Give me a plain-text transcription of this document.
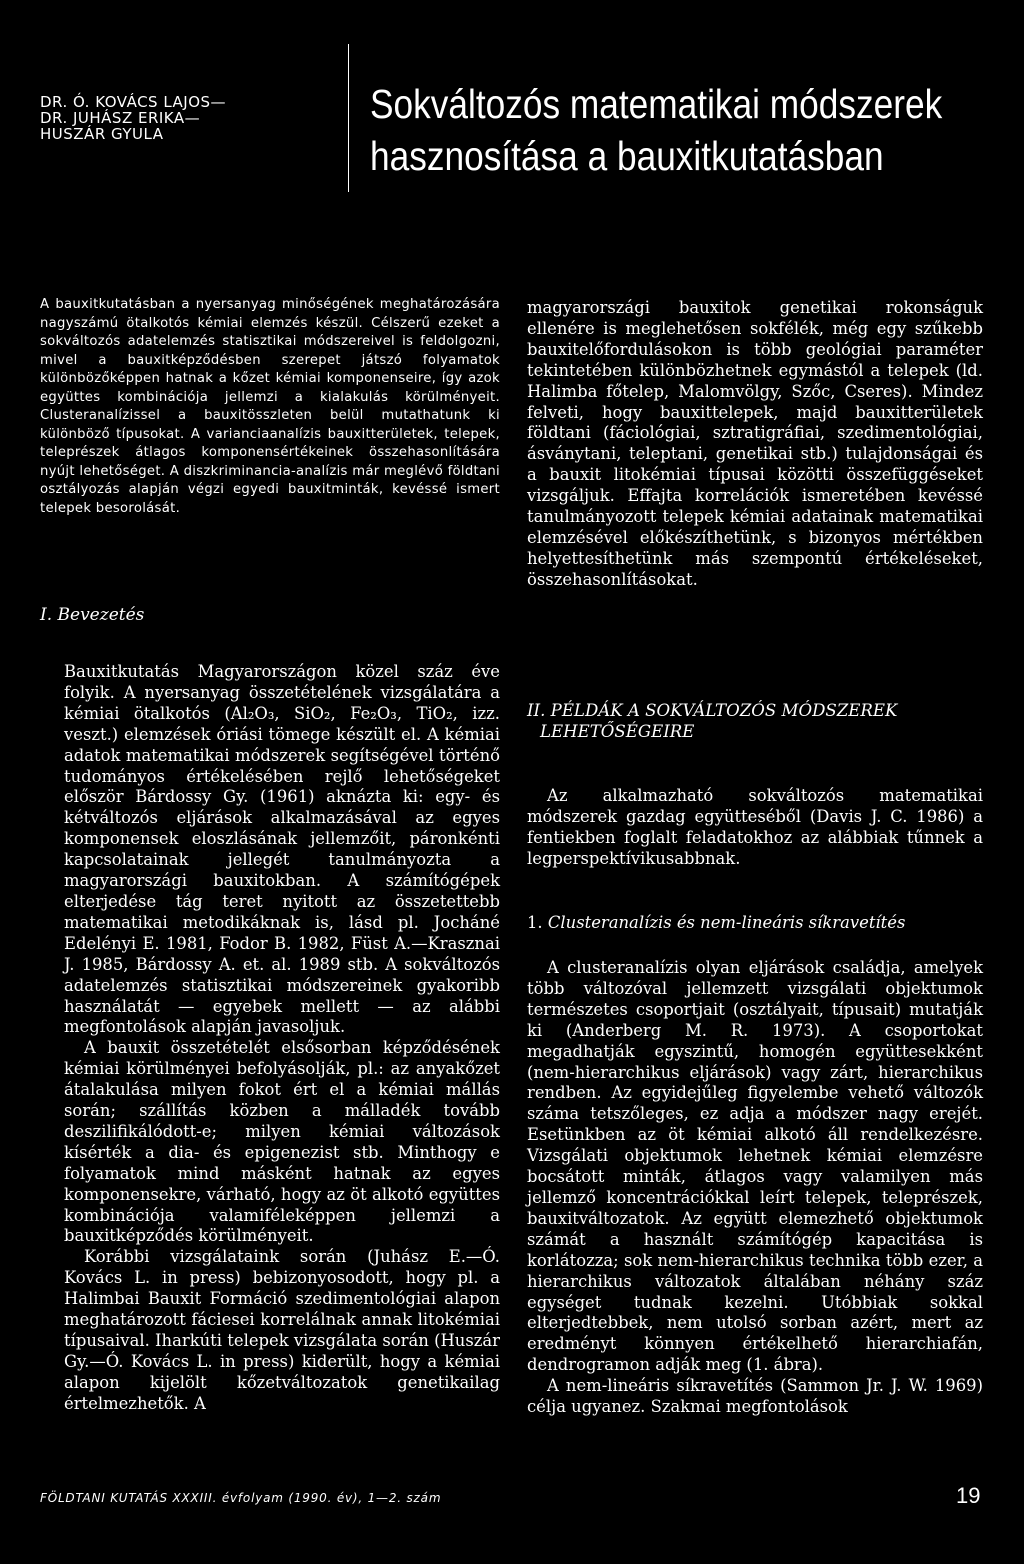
DR. Ó. KOVÁCS LAJOS—
DR. JUHÁSZ ERIKA—
HUSZÁR GYULA
Sokváltozós matematikai módszerek
hasznosítása a bauxitkutatásban
A bauxitkutatásban a nyersanyag minőségének meghatározására nagyszámú ötalkotós kémiai elemzés készül. Célszerű ezeket a sokváltozós adatelemzés statisztikai módszereivel is feldolgozni, mivel a bauxitképződésben szerepet játszó folyamatok különbözőképpen hatnak a kőzet kémiai komponenseire, így azok együttes kombinációja jellemzi a kialakulás körülményeit. Clusteranalízissel a bauxitösszleten belül mutathatunk ki különböző típusokat. A varianciaanalízis bauxitterületek, telepek, teleprészek átlagos komponensértékeinek összehasonlítására nyújt lehetőséget. A diszkriminancia-analízis már meglévő földtani osztályozás alapján végzi egyedi bauxitminták, kevéssé ismert telepek besorolását.
I. Bevezetés

Bauxitkutatás Magyarországon közel száz éve folyik. A nyersanyag összetételének vizsgálatára a kémiai ötalkotós (Al₂O₃, SiO₂, Fe₂O₃, TiO₂, izz. veszt.) elemzések óriási tömege készült el. A kémiai adatok matematikai módszerek segítségével történő tudományos értékelésében rejlő lehetőségeket először Bárdossy Gy. (1961) aknázta ki: egy- és kétváltozós eljárások alkalmazásával az egyes komponensek eloszlásának jellemzőit, páronkénti kapcsolatainak jellegét tanulmányozta a magyarországi bauxitokban. A számítógépek elterjedése tág teret nyitott az összetettebb matematikai metodikáknak is, lásd pl. Jocháné Edelényi E. 1981, Fodor B. 1982, Füst A.—Krasznai J. 1985, Bárdossy A. et. al. 1989 stb. A sokváltozós adatelemzés statisztikai módszereinek gyakoribb használatát — egyebek mellett — az alábbi megfontolások alapján javasoljuk.

A bauxit összetételét elsősorban képződésének kémiai körülményei befolyásolják, pl.: az anyakőzet átalakulása milyen fokot ért el a kémiai mállás során; szállítás közben a málladék tovább deszilifikálódott-e; milyen kémiai változások kísérték a dia- és epigenezist stb. Minthogy e folyamatok mind másként hatnak az egyes komponensekre, várható, hogy az öt alkotó együttes kombinációja valamiféleképpen jellemzi a bauxitképződés körülményeit.

Korábbi vizsgálataink során (Juhász E.—Ó. Kovács L. in press) bebizonyosodott, hogy pl. a Halimbai Bauxit Formáció szedimentológiai alapon meghatározott fáciesei korrelálnak annak litokémiai típusaival. Iharkúti telepek vizsgálata során (Huszár Gy.—Ó. Kovács L. in press) kiderült, hogy a kémiai alapon kijelölt kőzetváltozatok genetikailag értelmezhetők. A

magyarországi bauxitok genetikai rokonságuk ellenére is meglehetősen sokfélék, még egy szűkebb bauxitelőfordulásokon is több geológiai paraméter tekintetében különbözhetnek egymástól a telepek (ld. Halimba főtelep, Malomvölgy, Szőc, Cseres). Mindez felveti, hogy bauxittelepek, majd bauxitterületek földtani (fáciológiai, sztratigráfiai, szedimentológiai, ásványtani, teleptani, genetikai stb.) tulajdonságai és a bauxit litokémiai típusai közötti összefüggéseket vizsgáljuk. Effajta korrelációk ismeretében kevéssé tanulmányozott telepek kémiai adatainak matematikai elemzésével előkészíthetünk, s bizonyos mértékben helyettesíthetünk más szempontú értékeléseket, összehasonlításokat.

II. PÉLDÁK A SOKVÁLTOZÓS MÓDSZEREK
LEHETŐSÉGEIRE

Az alkalmazható sokváltozós matematikai módszerek gazdag együtteséből (Davis J. C. 1986) a fentiekben foglalt feladatokhoz az alábbiak tűnnek a legperspektívikusabbnak.

1. Clusteranalízis és nem-lineáris síkravetítés

A clusteranalízis olyan eljárások családja, amelyek több változóval jellemzett vizsgálati objektumok természetes csoportjait (osztályait, típusait) mutatják ki (Anderberg M. R. 1973). A csoportokat megadhatják egyszintű, homogén együttesekként (nem-hierarchikus eljárások) vagy zárt, hierarchikus rendben. Az egyidejűleg figyelembe vehető változók száma tetszőleges, ez adja a módszer nagy erejét. Esetünkben az öt kémiai alkotó áll rendelkezésre. Vizsgálati objektumok lehetnek kémiai elemzésre bocsátott minták, átlagos vagy valamilyen más jellemző koncentrációkkal leírt telepek, teleprészek, bauxitváltozatok. Az együtt elemezhető objektumok számát a használt számítógép kapacitása is korlátozza; sok nem-hierarchikus technika több ezer, a hierarchikus változatok általában néhány száz egységet tudnak kezelni. Utóbbiak sokkal elterjedtebbek, nem utolsó sorban azért, mert az eredményt könnyen értékelhető hierarchiafán, dendrogramon adják meg (1. ábra).

A nem-lineáris síkravetítés (Sammon Jr. J. W. 1969) célja ugyanez. Szakmai megfontolások

FÖLDTANI KUTATÁS XXXIII. évfolyam (1990. év), 1—2. szám	19
